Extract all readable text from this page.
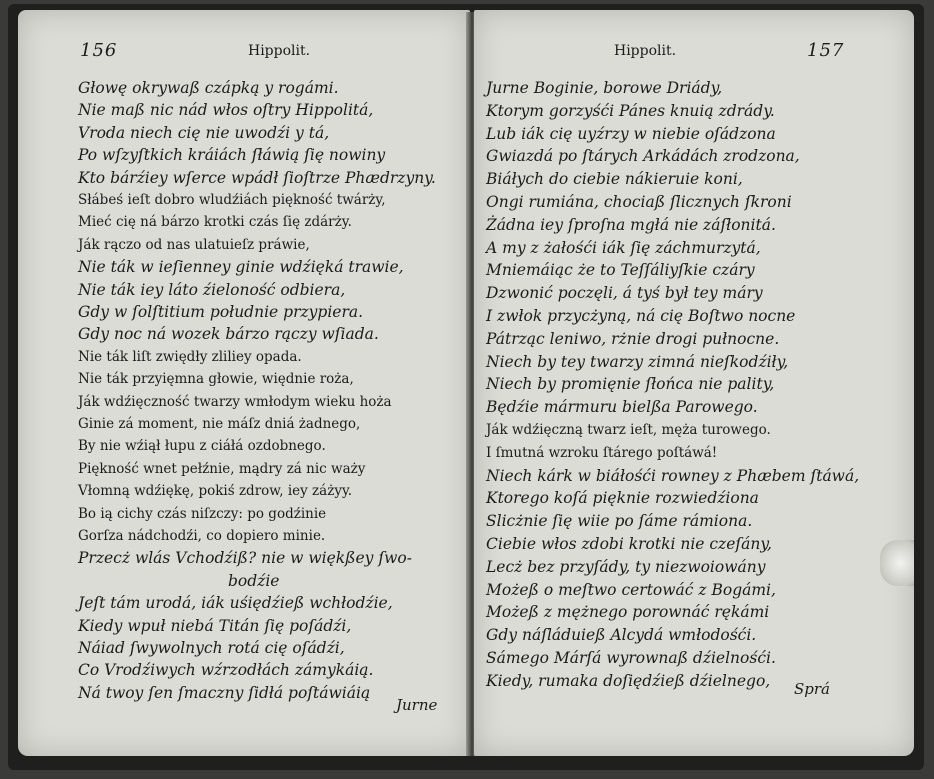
156	Hippolit.
Głowę okrywaß czápką y rogámi.
Nie maß nic nád włos oſtry Hippolitá,
Vroda niech cię nie uwodźi y tá,
Po wſzyſtkich kráiách ſłáwią ſię nowiny
Kto bárźiey wſerce wpádł ſioſtrze Phædrzyny.
Słábeś ieſt dobro wludźiách piękność twárży,
Mieć cię ná bárzo krotki czás ſię zdárży.
Ják rączo od nas ulatuieſz práwie,
Nie ták w ieſienney ginie wdźięká trawie,
Nie ták iey láto źieloność odbiera,
Gdy w ſolſtitium południe przypiera.
Gdy noc ná wozek bárzo rączy wſiada.
Nie ták liſt zwiędły zliliey opada.
Nie ták przyięmna głowie, więdnie roża,
Ják wdźięczność twarzy wmłodym wieku hoża
Ginie zá moment, nie máſz dniá żadnego,
By nie wźiął łupu z ciáłá ozdobnego.
Piękność wnet pełźnie, mądry zá nic waży
Vłomną wdźiękę, pokiś zdrow, iey záżyy.
Bo ią cichy czás niſzczy: po godźinie
Gorſza nádchodźi, co dopiero minie.
Przecż wlás Vchodźiß? nie w więkßey ſwo-
bodźie
Jeſt tám urodá, iák uśiędźieß wchłodźie,
Kiedy wpuł niebá Titán ſię poſádźi,
Náiad ſwywolnych rotá cię oſádźi,
Co Vrodźiwych wźrzodłách zámykáią.
Ná twoy ſen ſmaczny ſidłá poſtáwiáią
Jurne
Hippolit.	157
Jurne Boginie, borowe Driády,
Ktorym gorzyśći Pánes knuią zdrády.
Lub iák cię uyźrzy w niebie oſádzona
Gwiazdá po ſtárych Arkádách zrodzona,
Biáłych do ciebie nákieruie koni,
Ongi rumiána, chociaß ſlicznych ſkroni
Żádna iey ſproſna mgłá nie záſłonitá.
A my z żałośći iák ſię záchmurzytá,
Mniemáiąc że to Teſſáliyſkie czáry
Dzwonić poczęli, á tyś był tey máry
I zwłok przycżyną, ná cię Boſtwo nocne
Pátrząc leniwo, rżnie drogi pułnocne.
Niech by tey twarzy zimná nieſkodźiły,
Niech by promięnie ſłońca nie pality,
Będźie mármuru bielßa Parowego.
Ják wdźięczną twarz ieſt, męża turowego.
I ſmutná wzroku ſtárego poſtáwá!
Niech kárk w biáłośći rowney z Phæbem ſtáwá,
Ktorego koſá pięknie rozwiedźiona
Slicżnie ſię wiie po ſáme rámiona.
Ciebie włos zdobi krotki nie czeſány,
Lecż bez przyſády, ty niezwoiowány
Możeß o meſtwo certowáć z Bogámi,
Możeß z mężnego porownáć rękámi
Gdy náſláduieß Alcydá wmłodośći.
Sámego Márſá wyrownaß dźielnośći.
Kiedy, rumaka doſiędźieß dźielnego, Sprá
